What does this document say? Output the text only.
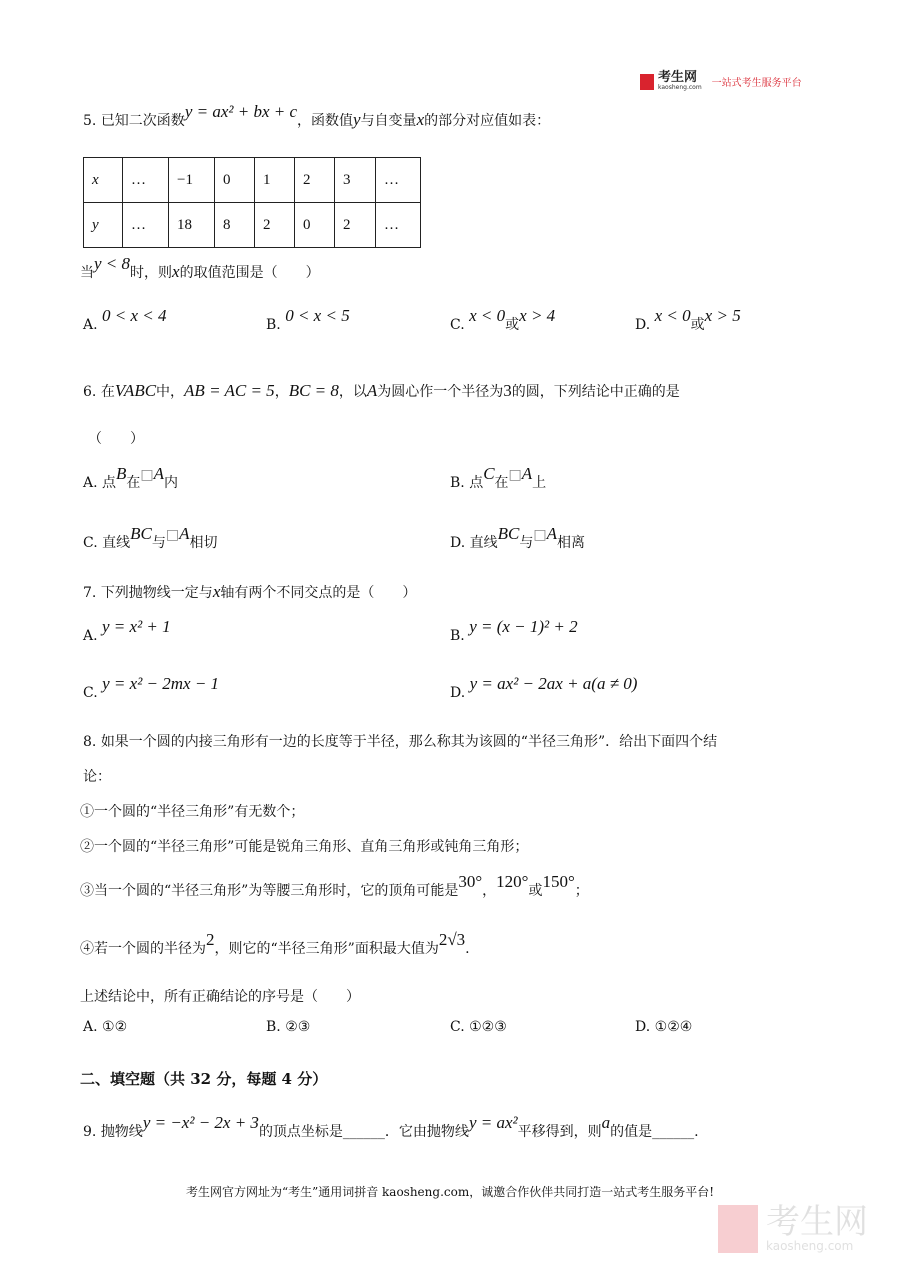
考生网
kaosheng.com 一站式考生服务平台
5. 已知二次函数y = ax² + bx + c，函数值y与自变量x的部分对应值如表：
x	…	−1	0	1	2	3	…
y	…	18	8	2	0	2	…
当y < 8时，则x的取值范围是（　　）
A. 0 < x < 4	B. 0 < x < 5	C. x < 0或x > 4	D. x < 0或x > 5
6. 在VABC中，AB = AC = 5，BC = 8，以A为圆心作一个半径为3的圆，下列结论中正确的是
（　　）
A. 点B在□A内	B. 点C在□A上
C. 直线BC与□A相切	D. 直线BC与□A相离
7. 下列抛物线一定与x轴有两个不同交点的是（　　）
A. y = x² + 1	B. y = (x − 1)² + 2
C. y = x² − 2mx − 1	D. y = ax² − 2ax + a(a ≠ 0)
8. 如果一个圆的内接三角形有一边的长度等于半径，那么称其为该圆的“半径三角形”．给出下面四个结
论：
①一个圆的“半径三角形”有无数个；
②一个圆的“半径三角形”可能是锐角三角形、直角三角形或钝角三角形；
③当一个圆的“半径三角形”为等腰三角形时，它的顶角可能是30°，120°或150°；
④若一个圆的半径为2，则它的“半径三角形”面积最大值为2√3.
上述结论中，所有正确结论的序号是（　　）
A. ①②	B. ②③	C. ①②③	D. ①②④
二、填空题（共 32 分，每题 4 分）
9. 抛物线y = −x² − 2x + 3的顶点坐标是______．它由抛物线y = ax²平移得到，则a的值是______.
考生网官方网址为“考生”通用词拼音 kaosheng.com，诚邀合作伙伴共同打造一站式考生服务平台!
考生网
kaosheng.com
